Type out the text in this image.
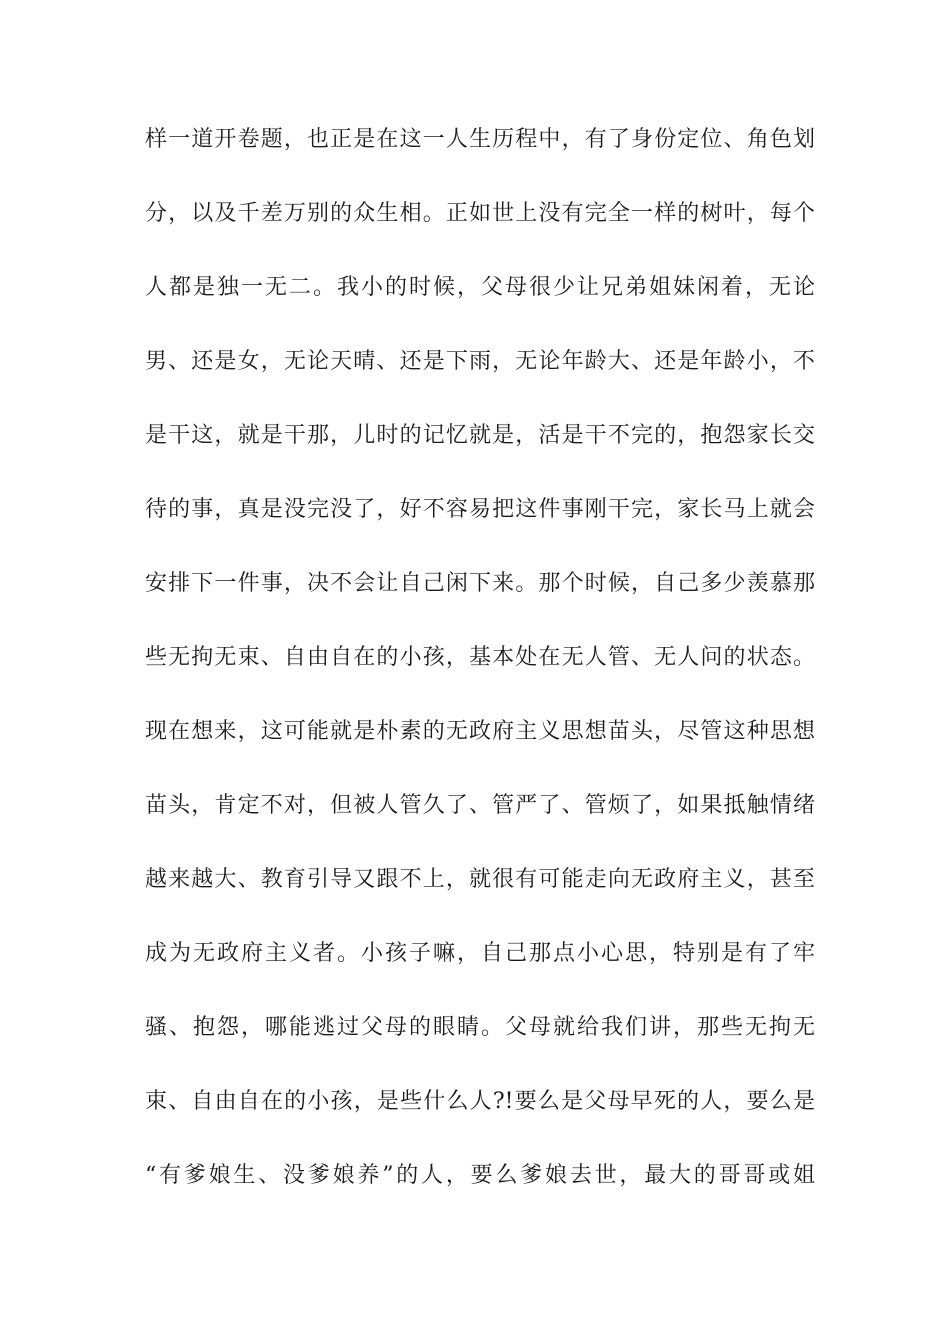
样一道开卷题，也正是在这一人生历程中，有了身份定位、角色划
分，以及千差万别的众生相。正如世上没有完全一样的树叶，每个
人都是独一无二。我小的时候，父母很少让兄弟姐妹闲着，无论
男、还是女，无论天晴、还是下雨，无论年龄大、还是年龄小，不
是干这，就是干那，儿时的记忆就是，活是干不完的，抱怨家长交
待的事，真是没完没了，好不容易把这件事刚干完，家长马上就会
安排下一件事，决不会让自己闲下来。那个时候，自己多少羡慕那
些无拘无束、自由自在的小孩，基本处在无人管、无人问的状态。
现在想来，这可能就是朴素的无政府主义思想苗头，尽管这种思想
苗头，肯定不对，但被人管久了、管严了、管烦了，如果抵触情绪
越来越大、教育引导又跟不上，就很有可能走向无政府主义，甚至
成为无政府主义者。小孩子嘛，自己那点小心思，特别是有了牢
骚、抱怨，哪能逃过父母的眼睛。父母就给我们讲，那些无拘无
束、自由自在的小孩，是些什么人?!要么是父母早死的人，要么是
“有爹娘生、没爹娘养”的人，要么爹娘去世，最大的哥哥或姐
